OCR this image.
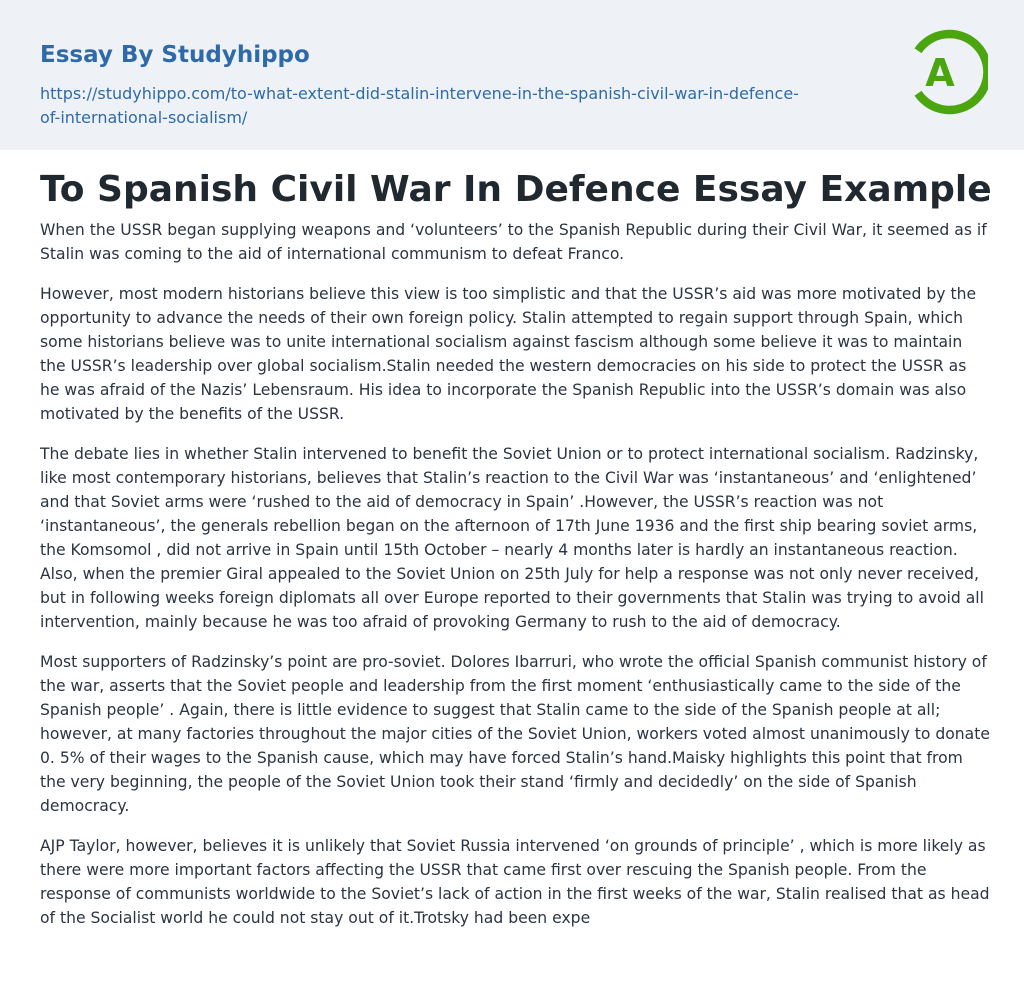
Essay By Studyhippo
https://studyhippo.com/to-what-extent-did-stalin-intervene-in-the-spanish-civil-war-in-defence-of-international-socialism/
A
To Spanish Civil War In Defence Essay Example

When the USSR began supplying weapons and ‘volunteers’ to the Spanish Republic during their Civil War, it seemed as if Stalin was coming to the aid of international communism to defeat Franco.

However, most modern historians believe this view is too simplistic and that the USSR’s aid was more motivated by the opportunity to advance the needs of their own foreign policy. Stalin attempted to regain support through Spain, which some historians believe was to unite international socialism against fascism although some believe it was to maintain the USSR’s leadership over global socialism.Stalin needed the western democracies on his side to protect the USSR as he was afraid of the Nazis’ Lebensraum. His idea to incorporate the Spanish Republic into the USSR’s domain was also motivated by the benefits of the USSR.

The debate lies in whether Stalin intervened to benefit the Soviet Union or to protect international socialism. Radzinsky, like most contemporary historians, believes that Stalin’s reaction to the Civil War was ‘instantaneous’ and ‘enlightened’ and that Soviet arms were ‘rushed to the aid of democracy in Spain’ .However, the USSR’s reaction was not ‘instantaneous’, the generals rebellion began on the afternoon of 17th June 1936 and the first ship bearing soviet arms, the Komsomol , did not arrive in Spain until 15th October – nearly 4 months later is hardly an instantaneous reaction. Also, when the premier Giral appealed to the Soviet Union on 25th July for help a response was not only never received, but in following weeks foreign diplomats all over Europe reported to their governments that Stalin was trying to avoid all intervention, mainly because he was too afraid of provoking Germany to rush to the aid of democracy.

Most supporters of Radzinsky’s point are pro-soviet. Dolores Ibarruri, who wrote the official Spanish communist history of the war, asserts that the Soviet people and leadership from the first moment ‘enthusiastically came to the side of the Spanish people’ . Again, there is little evidence to suggest that Stalin came to the side of the Spanish people at all; however, at many factories throughout the major cities of the Soviet Union, workers voted almost unanimously to donate 0. 5% of their wages to the Spanish cause, which may have forced Stalin’s hand.Maisky highlights this point that from the very beginning, the people of the Soviet Union took their stand ‘firmly and decidedly’ on the side of Spanish democracy.

AJP Taylor, however, believes it is unlikely that Soviet Russia intervened ‘on grounds of principle’ , which is more likely as there were more important factors affecting the USSR that came first over rescuing the Spanish people. From the response of communists worldwide to the Soviet’s lack of action in the first weeks of the war, Stalin realised that as head of the Socialist world he could not stay out of it.Trotsky had been expe
